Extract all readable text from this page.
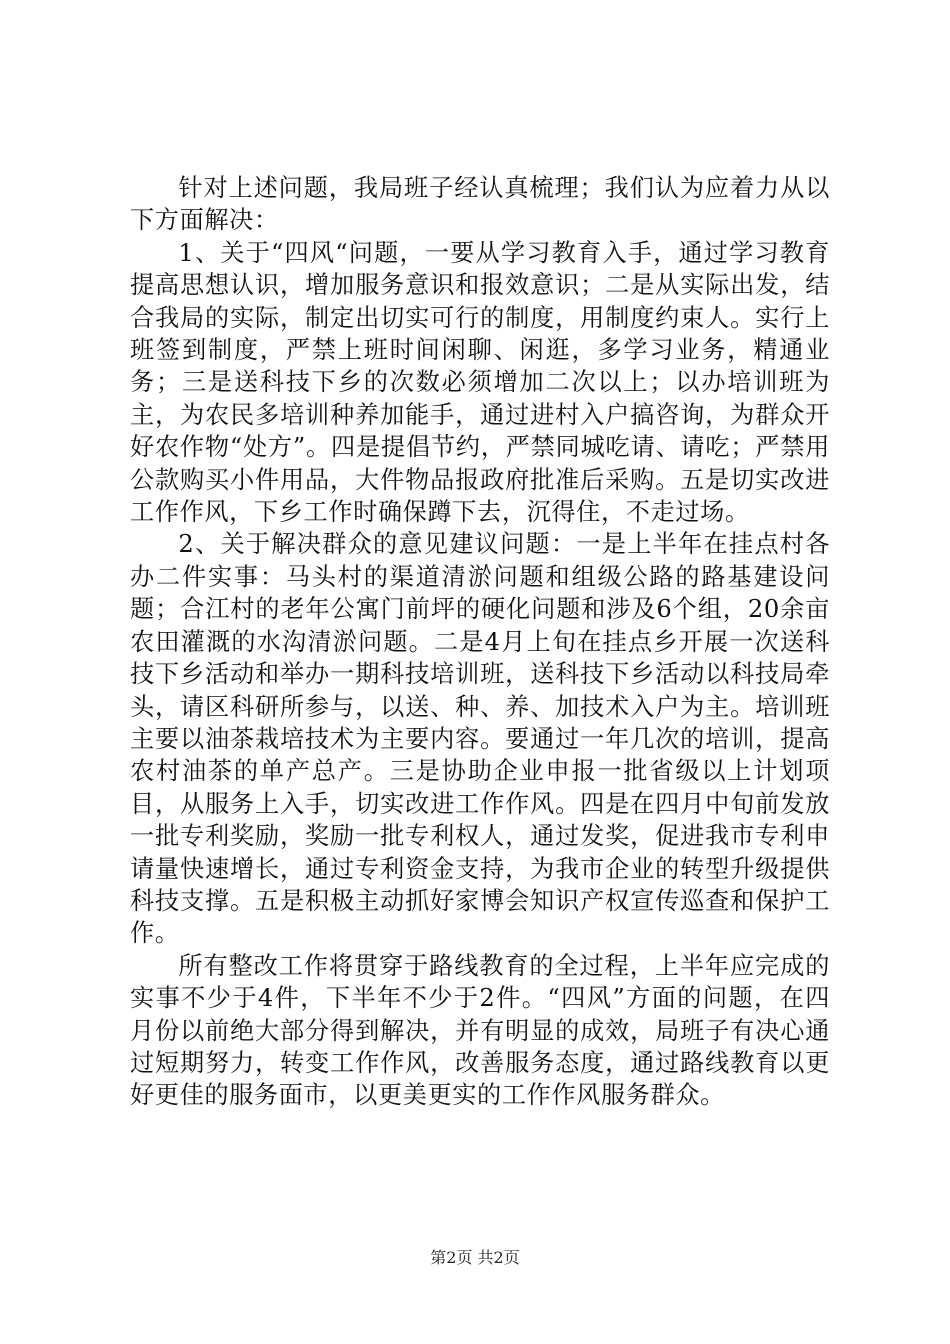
针对上述问题，我局班子经认真梳理；我们认为应着力从以下方面解决：

1、关于“四风“问题，一要从学习教育入手，通过学习教育提高思想认识，增加服务意识和报效意识；二是从实际出发，结合我局的实际，制定出切实可行的制度，用制度约束人。实行上班签到制度，严禁上班时间闲聊、闲逛，多学习业务，精通业务；三是送科技下乡的次数必须增加二次以上；以办培训班为主，为农民多培训种养加能手，通过进村入户搞咨询，为群众开好农作物“处方”。四是提倡节约，严禁同城吃请、请吃；严禁用公款购买小件用品，大件物品报政府批准后采购。五是切实改进工作作风，下乡工作时确保蹲下去，沉得住，不走过场。

2、关于解决群众的意见建议问题：一是上半年在挂点村各办二件实事：马头村的渠道清淤问题和组级公路的路基建设问题；合江村的老年公寓门前坪的硬化问题和涉及6个组，20余亩农田灌溉的水沟清淤问题。二是4月上旬在挂点乡开展一次送科技下乡活动和举办一期科技培训班，送科技下乡活动以科技局牵头，请区科研所参与，以送、种、养、加技术入户为主。培训班主要以油茶栽培技术为主要内容。要通过一年几次的培训，提高农村油茶的单产总产。三是协助企业申报一批省级以上计划项目，从服务上入手，切实改进工作作风。四是在四月中旬前发放一批专利奖励，奖励一批专利权人，通过发奖，促进我市专利申请量快速增长，通过专利资金支持，为我市企业的转型升级提供科技支撑。五是积极主动抓好家博会知识产权宣传巡查和保护工作。

所有整改工作将贯穿于路线教育的全过程，上半年应完成的实事不少于4件，下半年不少于2件。“四风”方面的问题，在四月份以前绝大部分得到解决，并有明显的成效，局班子有决心通过短期努力，转变工作作风，改善服务态度，通过路线教育以更好更佳的服务面市，以更美更实的工作作风服务群众。

第2页 共2页
